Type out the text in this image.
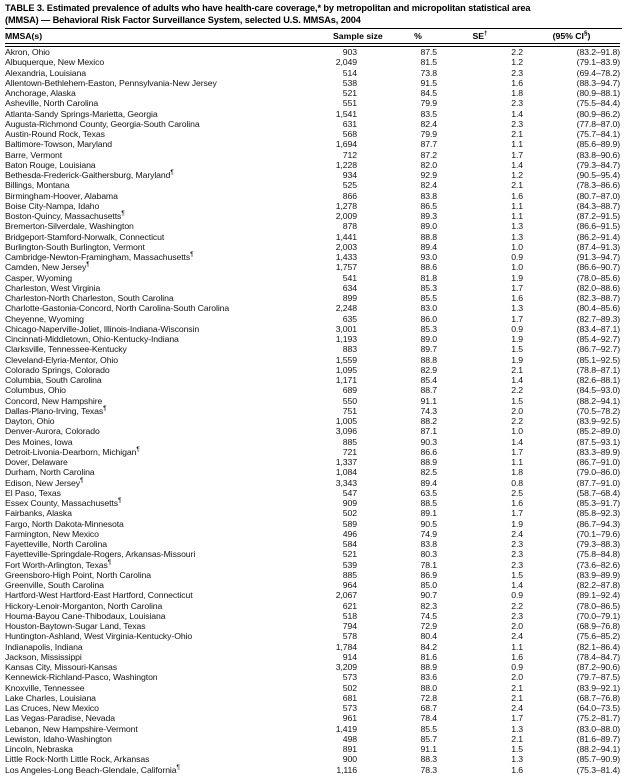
TABLE 3. Estimated prevalence of adults who have health-care coverage,* by metropolitan and micropolitan statistical area
(MMSA) — Behavioral Risk Factor Surveillance System, selected U.S. MMSAs, 2004
MMSA(s)	Sample size	%	SE†	(95% CI§)
Akron, Ohio	903	87.5	2.2	(83.2–91.8)
Albuquerque, New Mexico	2,049	81.5	1.2	(79.1–83.9)
Alexandria, Louisiana	514	73.8	2.3	(69.4–78.2)
Allentown-Bethlehem-Easton, Pennsylvania-New Jersey	538	91.5	1.6	(88.3–94.7)
Anchorage, Alaska	521	84.5	1.8	(80.9–88.1)
Asheville, North Carolina	551	79.9	2.3	(75.5–84.4)
Atlanta-Sandy Springs-Marietta, Georgia	1,541	83.5	1.4	(80.9–86.2)
Augusta-Richmond County, Georgia-South Carolina	631	82.4	2.3	(77.8–87.0)
Austin-Round Rock, Texas	568	79.9	2.1	(75.7–84.1)
Baltimore-Towson, Maryland	1,694	87.7	1.1	(85.6–89.9)
Barre, Vermont	712	87.2	1.7	(83.8–90.6)
Baton Rouge, Louisiana	1,228	82.0	1.4	(79.3–84.7)
Bethesda-Frederick-Gaithersburg, Maryland¶	934	92.9	1.2	(90.5–95.4)
Billings, Montana	525	82.4	2.1	(78.3–86.6)
Birmingham-Hoover, Alabama	866	83.8	1.6	(80.7–87.0)
Boise City-Nampa, Idaho	1,278	86.5	1.1	(84.3–88.7)
Boston-Quincy, Massachusetts¶	2,009	89.3	1.1	(87.2–91.5)
Bremerton-Silverdale, Washington	878	89.0	1.3	(86.6–91.5)
Bridgeport-Stamford-Norwalk, Connecticut	1,441	88.8	1.3	(86.2–91.4)
Burlington-South Burlington, Vermont	2,003	89.4	1.0	(87.4–91.3)
Cambridge-Newton-Framingham, Massachusetts¶	1,433	93.0	0.9	(91.3–94.7)
Camden, New Jersey¶	1,757	88.6	1.0	(86.6–90.7)
Casper, Wyoming	541	81.8	1.9	(78.0–85.6)
Charleston, West Virginia	634	85.3	1.7	(82.0–88.6)
Charleston-North Charleston, South Carolina	899	85.5	1.6	(82.3–88.7)
Charlotte-Gastonia-Concord, North Carolina-South Carolina	2,248	83.0	1.3	(80.4–85.6)
Cheyenne, Wyoming	635	86.0	1.7	(82.7–89.3)
Chicago-Naperville-Joliet, Illinois-Indiana-Wisconsin	3,001	85.3	0.9	(83.4–87.1)
Cincinnati-Middletown, Ohio-Kentucky-Indiana	1,193	89.0	1.9	(85.4–92.7)
Clarksville, Tennessee-Kentucky	883	89.7	1.5	(86.7–92.7)
Cleveland-Elyria-Mentor, Ohio	1,559	88.8	1.9	(85.1–92.5)
Colorado Springs, Colorado	1,095	82.9	2.1	(78.8–87.1)
Columbia, South Carolina	1,171	85.4	1.4	(82.6–88.1)
Columbus, Ohio	689	88.7	2.2	(84.5–93.0)
Concord, New Hampshire	550	91.1	1.5	(88.2–94.1)
Dallas-Plano-Irving, Texas¶	751	74.3	2.0	(70.5–78.2)
Dayton, Ohio	1,005	88.2	2.2	(83.9–92.5)
Denver-Aurora, Colorado	3,096	87.1	1.0	(85.2–89.0)
Des Moines, Iowa	885	90.3	1.4	(87.5–93.1)
Detroit-Livonia-Dearborn, Michigan¶	721	86.6	1.7	(83.3–89.9)
Dover, Delaware	1,337	88.9	1.1	(86.7–91.0)
Durham, North Carolina	1,084	82.5	1.8	(79.0–86.0)
Edison, New Jersey¶	3,343	89.4	0.8	(87.7–91.0)
El Paso, Texas	547	63.5	2.5	(58.7–68.4)
Essex County, Massachusetts¶	909	88.5	1.6	(85.3–91.7)
Fairbanks, Alaska	502	89.1	1.7	(85.8–92.3)
Fargo, North Dakota-Minnesota	589	90.5	1.9	(86.7–94.3)
Farmington, New Mexico	496	74.9	2.4	(70.1–79.6)
Fayetteville, North Carolina	584	83.8	2.3	(79.3–88.3)
Fayetteville-Springdale-Rogers, Arkansas-Missouri	521	80.3	2.3	(75.8–84.8)
Fort Worth-Arlington, Texas¶	539	78.1	2.3	(73.6–82.6)
Greensboro-High Point, North Carolina	885	86.9	1.5	(83.9–89.9)
Greenville, South Carolina	964	85.0	1.4	(82.2–87.8)
Hartford-West Hartford-East Hartford, Connecticut	2,067	90.7	0.9	(89.1–92.4)
Hickory-Lenoir-Morganton, North Carolina	621	82.3	2.2	(78.0–86.5)
Houma-Bayou Cane-Thibodaux, Louisiana	518	74.5	2.3	(70.0–79.1)
Houston-Baytown-Sugar Land, Texas	794	72.9	2.0	(68.9–76.8)
Huntington-Ashland, West Virginia-Kentucky-Ohio	578	80.4	2.4	(75.6–85.2)
Indianapolis, Indiana	1,784	84.2	1.1	(82.1–86.4)
Jackson, Mississippi	914	81.6	1.6	(78.4–84.7)
Kansas City, Missouri-Kansas	3,209	88.9	0.9	(87.2–90.6)
Kennewick-Richland-Pasco, Washington	573	83.6	2.0	(79.7–87.5)
Knoxville, Tennessee	502	88.0	2.1	(83.9–92.1)
Lake Charles, Louisiana	681	72.8	2.1	(68.7–76.8)
Las Cruces, New Mexico	573	68.7	2.4	(64.0–73.5)
Las Vegas-Paradise, Nevada	961	78.4	1.7	(75.2–81.7)
Lebanon, New Hampshire-Vermont	1,419	85.5	1.3	(83.0–88.0)
Lewiston, Idaho-Washington	498	85.7	2.1	(81.6–89.7)
Lincoln, Nebraska	891	91.1	1.5	(88.2–94.1)
Little Rock-North Little Rock, Arkansas	900	88.3	1.3	(85.7–90.9)
Los Angeles-Long Beach-Glendale, California¶	1,116	78.3	1.6	(75.3–81.4)
